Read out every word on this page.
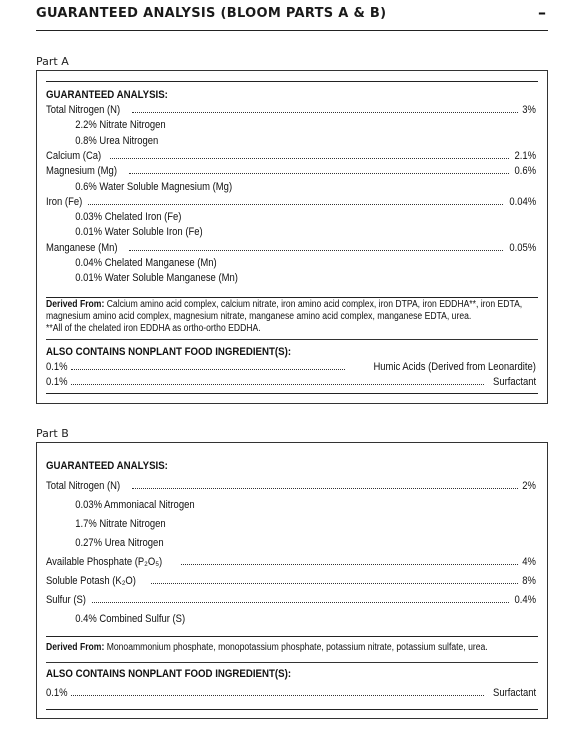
GUARANTEED ANALYSIS (BLOOM PARTS A & B)	–
Part A
GUARANTEED ANALYSIS:
Total Nitrogen (N)	3%
2.2% Nitrate Nitrogen
0.8% Urea Nitrogen
Calcium (Ca)	2.1%
Magnesium (Mg)	0.6%
0.6% Water Soluble Magnesium (Mg)
Iron (Fe)	0.04%
0.03% Chelated Iron (Fe)
0.01% Water Soluble Iron (Fe)
Manganese (Mn)	0.05%
0.04% Chelated Manganese (Mn)
0.01% Water Soluble Manganese (Mn)
Derived From: Calcium amino acid complex, calcium nitrate, iron amino acid complex, iron DTPA, iron EDDHA**, iron EDTA, magnesium amino acid complex, magnesium nitrate, manganese amino acid complex, manganese EDTA, urea.
**All of the chelated iron EDDHA as ortho-ortho EDDHA.
ALSO CONTAINS NONPLANT FOOD INGREDIENT(S):
0.1%	Humic Acids (Derived from Leonardite)
0.1%	Surfactant
Part B
GUARANTEED ANALYSIS:
Total Nitrogen (N)	2%
0.03% Ammoniacal Nitrogen
1.7% Nitrate Nitrogen
0.27% Urea Nitrogen
Available Phosphate (P₂O₅)	4%
Soluble Potash (K₂O)	8%
Sulfur (S)	0.4%
0.4% Combined Sulfur (S)
Derived From: Monoammonium phosphate, monopotassium phosphate, potassium nitrate, potassium sulfate, urea.
ALSO CONTAINS NONPLANT FOOD INGREDIENT(S):
0.1%	Surfactant
